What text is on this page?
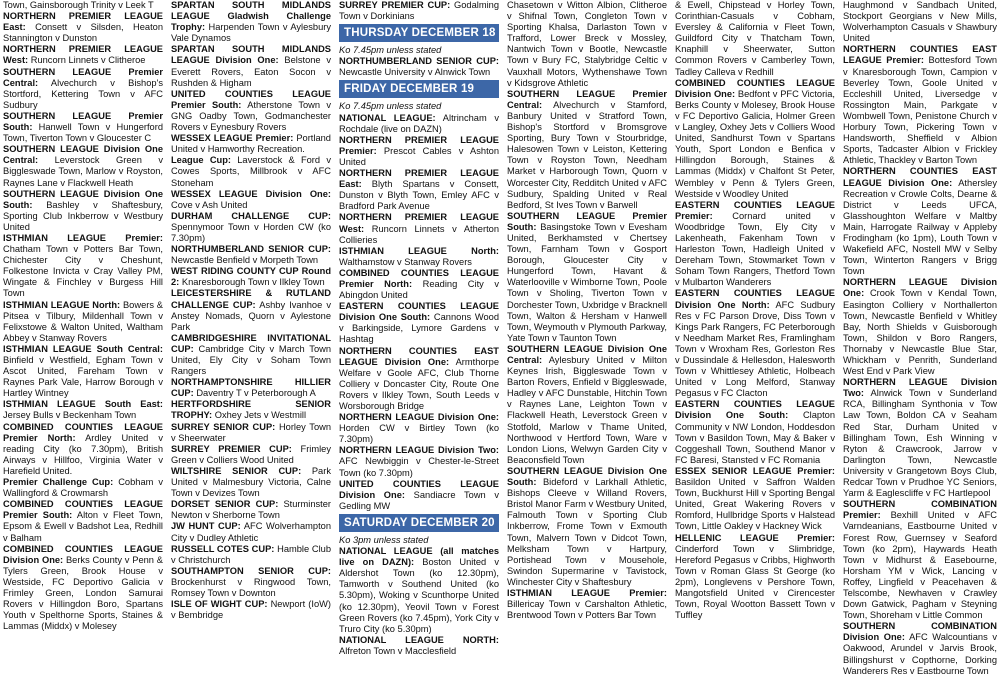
Town, Gainsborough Trinity v Leek T

NORTHERN PREMIER LEAGUE East: Consett v Silsden, Heaton Stannington v Dunston

NORTHERN PREMIER LEAGUE West: Runcorn Linnets v Clitheroe

SOUTHERN LEAGUE Premier Central: Alvechurch v Bishop's Stortford, Kettering Town v AFC Sudbury

SOUTHERN LEAGUE Premier South: Hanwell Town v Hungerford Town, Tiverton Town v Gloucester C

SOUTHERN LEAGUE Division One Central: Leverstock Green v Biggleswade Town, Marlow v Royston, Raynes Lane v Flackwell Heath

SOUTHERN LEAGUE Division One South: Bashley v Shaftesbury, Sporting Club Inkberrow v Westbury United

ISTHMIAN LEAGUE Premier: Chatham Town v Potters Bar Town, Chichester City v Cheshunt, Folkestone Invicta v Cray Valley PM, Wingate & Finchley v Burgess Hill Town

ISTHMIAN LEAGUE North: Bowers & Pitsea v Tilbury, Mildenhall Town v Felixstowe & Walton United, Waltham Abbey v Stanway Rovers

ISTHMIAN LEAGUE South Central: Binfield v Westfield, Egham Town v Ascot United, Fareham Town v Raynes Park Vale, Harrow Borough v Hartley Wintney

ISTHMIAN LEAGUE South East: Jersey Bulls v Beckenham Town

COMBINED COUNTIES LEAGUE Premier North: Ardley United v reading City (ko 7.30pm), British Airways v Hillfoo, Virginia Water v Harefield United.

Premier Challenge Cup: Cobham v Wallingford & Crowmarsh

COMBINED COUNTIES LEAGUE Premier South: Alton v Fleet Town, Epsom & Ewell v Badshot Lea, Redhill v Balham

COMBINED COUNTIES LEAGUE Division One: Berks County v Penn & Tylers Green, Brook House v Westside, FC Deportivo Galicia v Frimley Green, London Samurai Rovers v Hillingdon Boro, Spartans Youth v Spelthorne Sports, Staines & Lammas (Middx) v Molesey

SPARTAN SOUTH MIDLANDS LEAGUE Gladwish Challenge Trophy: Harpenden Town v Aylesbury Vale Dynamos

SPARTAN SOUTH MIDLANDS LEAGUE Division One: Belstone v Everett Rovers, Eaton Socon v Rushden & Higham

UNITED COUNTIES LEAGUE Premier South: Atherstone Town v GNG Oadby Town, Godmanchester Rovers v Eynesbury Rovers

WESSEX LEAGUE Premier: Portland United v Hamworthy Recreation.

League Cup: Laverstock & Ford v Cowes Sports, Millbrook v AFC Stoneham

WESSEX LEAGUE Division One: Cove v Ash United

DURHAM CHALLENGE CUP: Spennymoor Town v Horden CW (ko 7.30pm)

NORTHUMBERLAND SENIOR CUP: Newcastle Benfield v Morpeth Town

WEST RIDING COUNTY CUP Round 2: Knaresborough Town v Ilkley Town

LEICESTERSHIRE & RUTLAND CHALLENGE CUP: Ashby Ivanhoe v Anstey Nomads, Quorn v Aylestone Park

CAMBRIDGESHIRE INVITATIONAL CUP: Cambridge City v March Town United, Ely City v Soham Town Rangers

NORTHAMPTONSHIRE HILLIER CUP: Daventry T v Peterborough A

HERTFORDSHIRE SENIOR TROPHY: Oxhey Jets v Westmill

SURREY SENIOR CUP: Horley Town v Sheerwater

SURREY PREMIER CUP: Frimley Green v Colliers Wood United

WILTSHIRE SENIOR CUP: Park United v Malmesbury Victoria, Calne Town v Devizes Town

DORSET SENIOR CUP: Sturminster Newton v Sherborne Town

JW HUNT CUP: AFC Wolverhampton City v Dudley Athletic

RUSSELL COTES CUP: Hamble Club v Christchurch

SOUTHAMPTON SENIOR CUP: Brockenhurst v Ringwood Town, Romsey Town v Downton

ISLE OF WIGHT CUP: Newport (IoW) v Bembridge

SURREY PREMIER CUP: Godalming Town v Dorkinians

THURSDAY DECEMBER 18

Ko 7.45pm unless stated

NORTHUMBERLAND SENIOR CUP: Newcastle University v Alnwick Town

FRIDAY DECEMBER 19

Ko 7.45pm unless stated

NATIONAL LEAGUE: Altrincham v Rochdale (live on DAZN)

NORTHERN PREMIER LEAGUE Premier: Prescot Cables v Ashton United

NORTHERN PREMIER LEAGUE East: Blyth Spartans v Consett, Dunston v Blyth Town, Emley AFC v Bradford Park Avenue

NORTHERN PREMIER LEAGUE West: Runcorn Linnets v Atherton Collieries

ISTHMIAN LEAGUE North: Walthamstow v Stanway Rovers

COMBINED COUNTIES LEAGUE Premier North: Reading City v Abingdon United

EASTERN COUNTIES LEAGUE Division One South: Cannons Wood v Barkingside, Lymore Gardens v Hashtag

NORTHERN COUNTIES EAST LEAGUE Division One: Armthorpe Welfare v Goole AFC, Club Thorne Colliery v Doncaster City, Route One Rovers v Ilkley Town, South Leeds v Worsborough Bridge

NORTHERN LEAGUE Division One: Horden CW v Birtley Town (ko 7.30pm)

NORTHERN LEAGUE Division Two: AFC Newbiggin v Chester-le-Street Town (ko 7.30pm)

UNITED COUNTIES LEAGUE Division One: Sandiacre Town v Gedling MW

SATURDAY DECEMBER 20

Ko 3pm unless stated

NATIONAL LEAGUE (all matches live on DAZN): Boston United v Aldershot Town (ko 12.30pm), Tamworth v Southend United (ko 5.30pm), Woking v Scunthorpe United (ko 12.30pm), Yeovil Town v Forest Green Rovers (ko 7.45pm), York City v Truro City (ko 5.30pm)

NATIONAL LEAGUE NORTH: Alfreton Town v Macclesfield

Chasetown v Witton Albion, Clitheroe v Shifnal Town, Congleton Town v Sporting Khalsa, Darlaston Town v Trafford, Lower Breck v Mossley, Nantwich Town v Bootle, Newcastle Town v Bury FC, Stalybridge Celtic v Vauxhall Motors, Wythenshawe Town v Kidsgrove Athletic

SOUTHERN LEAGUE Premier Central: Alvechurch v Stamford, Banbury United v Stratford Town, Bishop's Stortford v Bromsgrove Sporting, Bury Town v Stourbridge, Halesowen Town v Leiston, Kettering Town v Royston Town, Needham Market v Harborough Town, Quorn v Worcester City, Redditch United v AFC Sudbury, Spalding United v Real Bedford, St Ives Town v Barwell

SOUTHERN LEAGUE Premier South: Basingstoke Town v Evesham United, Berkhamsted v Chertsey Town, Farnham Town v Gosport Borough, Gloucester City v Hungerford Town, Havant & Waterlooville v Wimborne Town, Poole Town v Sholing, Tiverton Town v Dorchester Town, Uxbridge v Bracknell Town, Walton & Hersham v Hanwell Town, Weymouth v Plymouth Parkway, Yate Town v Taunton Town

SOUTHERN LEAGUE Division One Central: Aylesbury United v Milton Keynes Irish, Biggleswade Town v Barton Rovers, Enfield v Biggleswade, Hadley v AFC Dunstable, Hitchin Town v Raynes Lane, Leighton Town v Flackwell Heath, Leverstock Green v Stotfold, Marlow v Thame United, Northwood v Hertford Town, Ware v London Lions, Welwyn Garden City v Beaconsfield Town

SOUTHERN LEAGUE Division One South: Bideford v Larkhall Athletic, Bishops Cleeve v Willand Rovers, Bristol Manor Farm v Westbury United, Falmouth Town v Sporting Club Inkberrow, Frome Town v Exmouth Town, Malvern Town v Didcot Town, Melksham Town v Hartpury, Portishead Town v Mousehole, Swindon Supermarine v Tavistock, Winchester City v Shaftesbury

ISTHMIAN LEAGUE Premier: Billericay Town v Carshalton Athletic, Brentwood Town v Potters Bar Town

& Ewell, Chipstead v Horley Town, Corinthian-Casuals v Cobham, Eversley & California v Fleet Town, Guildford City v Thatcham Town, Knaphill v Sheerwater, Sutton Common Rovers v Camberley Town, Tadley Calleva v Redhill

COMBINED COUNTIES LEAGUE Division One: Bedfont v PFC Victoria, Berks County v Molesey, Brook House v FC Deportivo Galicia, Holmer Green v Langley, Oxhey Jets v Colliers Wood United, Sandhurst Town v Spartans Youth, Sport London e Benfica v Hillingdon Borough, Staines & Lammas (Middx) v Chalfont St Peter, Wembley v Penn & Tylers Green, Westside v Woodley United

EASTERN COUNTIES LEAGUE Premier: Cornard united v Woodbridge Town, Ely City v Lakenheath, Fakenham Town v Harleston Town, Hadleigh United v Dereham Town, Stowmarket Town v Soham Town Rangers, Thetford Town v Mulbarton Wanderers

EASTERN COUNTIES LEAGUE Division One North: AFC Sudbury Res v FC Parson Drove, Diss Town v Kings Park Rangers, FC Peterborough v Needham Market Res, Framlingham Town v Wroxham Res, Gorleston Res v Dussindale & Hellesdon, Halesworth Town v Whittlesey Athletic, Holbeach United v Long Melford, Stanway Pegasus v FC Clacton

EASTERN COUNTIES LEAGUE Division One South: Clapton Community v NW London, Hoddesdon Town v Basildon Town, May & Baker v Coggeshall Town, Southend Manor v FC Baresi, Stansted v FC Romania

ESSEX SENIOR LEAGUE Premier: Basildon United v Saffron Walden Town, Buckhurst Hill v Sporting Bengal United, Great Wakering Rovers v Romford, Hullbridge Sports v Halstead Town, Little Oakley v Hackney Wick

HELLENIC LEAGUE Premier: Cinderford Town v Slimbridge, Hereford Pegasus v Cribbs, Highworth Town v Roman Glass St George (ko 2pm), Longlevens v Pershore Town, Mangotsfield United v Cirencester Town, Royal Wootton Bassett Town v Tuffley

Haughmond v Sandbach United, Stockport Georgians v New Mills, Wolverhampton Casuals v Shawbury United

NORTHERN COUNTIES EAST LEAGUE Premier: Bottesford Town v Knaresborough Town, Campion v Beverley Town, Goole United v Eccleshill United, Liversedge v Rossington Main, Parkgate v Wombwell Town, Penistone Church v Horbury Town, Pickering Town v Handsworth, Sheffield v Albion Sports, Tadcaster Albion v Frickley Athletic, Thackley v Barton Town

NORTHERN COUNTIES EAST LEAGUE Division One: Athersley Recreation v Crowle Colts, Dearne & District v Leeds UFCA, Glasshoughton Welfare v Maltby Main, Harrogate Railway v Appleby Frodingham (ko 1pm), Louth Town v Wakefield AFC, Nostell MW v Selby Town, Winterton Rangers v Brigg Town

NORTHERN LEAGUE Division One: Crook Town v Kendal Town, Easington Colliery v Northallerton Town, Newcastle Benfield v Whitley Bay, North Shields v Guisborough Town, Shildon v Boro Rangers, Thornaby v Newcastle Blue Star, Whickham v Penrith, Sunderland West End v Park View

NORTHERN LEAGUE Division Two: Alnwick Town v Sunderland RCA, Billingham Synthonia v Tow Law Town, Boldon CA v Seaham Red Star, Durham United v Billingham Town, Esh Winning v Ryton & Crawcrook, Jarrow v Darlington Town, Newcastle University v Grangetown Boys Club, Redcar Town v Prudhoe YC Seniors, Yarm & Eaglescliffe v FC Hartlepool

SOUTHERN COMBINATION Premier: Bexhill United v AFC Varndeanians, Eastbourne United v Forest Row, Guernsey v Seaford Town (ko 2pm), Haywards Heath Town v Midhurst & Easebourne, Horsham YM v Wick, Lancing v Roffey, Lingfield v Peacehaven & Telscombe, Newhaven v Crawley Down Gatwick, Pagham v Steyning Town, Shoreham v Little Common

SOUTHERN COMBINATION Division One: AFC Walcountians v Oakwood, Arundel v Jarvis Brook, Billingshurst v Copthorne, Dorking Wanderers Res v Eastbourne Town
